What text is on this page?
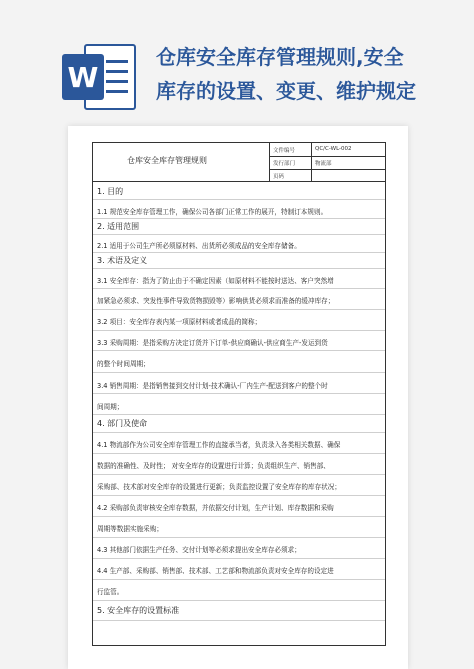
W
仓库安全库存管理规则,安全
库存的设置、变更、维护规定
仓库安全库存管理规则
文件编号	QC/C-WL-002
发行部门	物流部
页码
1. 目的
1.1 规范安全库存管理工作，确保公司各部门正常工作的展开，特制订本规则。
2. 适用范围
2.1 适用于公司生产所必须原材料、出货所必须成品的安全库存储备。
3. 术语及定义
3.1 安全库存：指为了防止由于不确定因素（如原材料不能按时送达、客户突然增
加紧急必须求、突发性事件导致货物损毁等）影响供货必须求而准备的缓冲库存；
3.2 项目：安全库存表内某一项原材料或者成品的简称；
3.3 采购周期：是指采购方决定订货并下订单-供应商确认-供应商生产-发运到货
的整个时间周期；
3.4 销售周期：是指销售接到交付计划-技术确认-厂内生产-配送到客户的整个时
间周期；
4. 部门及使命
4.1 物流部作为公司安全库存管理工作的直接承当者，负责录入各类相关数据、确保
数据的准确性、及时性； 对安全库存的设置进行计算；负责组织生产、销售部、
采购部、技术部对安全库存的设置进行更新；负责监控设置了安全库存的库存状况；
4.2 采购部负责审核安全库存数据，并依据交付计划，生产计划、库存数据和采购
周期等数据实施采购；
4.3 其他部门依据生产任务、交付计划等必须求提出安全库存必须求；
4.4 生产部、采购部、销售部、技术部、工艺部和物流部负责对安全库存的设定进
行监管。
5. 安全库存的设置标准
